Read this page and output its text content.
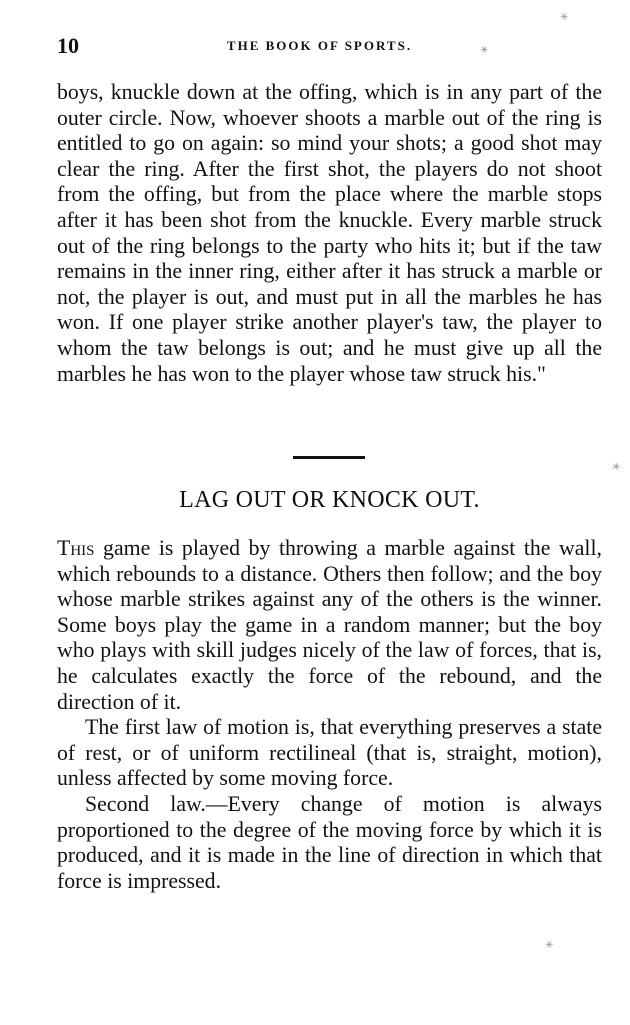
10	THE BOOK OF SPORTS.

boys, knuckle down at the offing, which is in any part of the outer circle. Now, whoever shoots a marble out of the ring is entitled to go on again: so mind your shots; a good shot may clear the ring. After the first shot, the players do not shoot from the offing, but from the place where the marble stops after it has been shot from the knuckle. Every marble struck out of the ring belongs to the party who hits it; but if the taw remains in the inner ring, either after it has struck a marble or not, the player is out, and must put in all the marbles he has won. If one player strike another player's taw, the player to whom the taw belongs is out; and he must give up all the marbles he has won to the player whose taw struck his."

LAG OUT OR KNOCK OUT.

This game is played by throwing a marble against the wall, which rebounds to a distance. Others then follow; and the boy whose marble strikes against any of the others is the winner. Some boys play the game in a random manner; but the boy who plays with skill judges nicely of the law of forces, that is, he calculates exactly the force of the rebound, and the direction of it.

The first law of motion is, that everything preserves a state of rest, or of uniform rectilineal (that is, straight, motion), unless affected by some moving force.

Second law.—Every change of motion is always proportioned to the degree of the moving force by which it is produced, and it is made in the line of direction in which that force is impressed.

✳
✳
✳
✳
